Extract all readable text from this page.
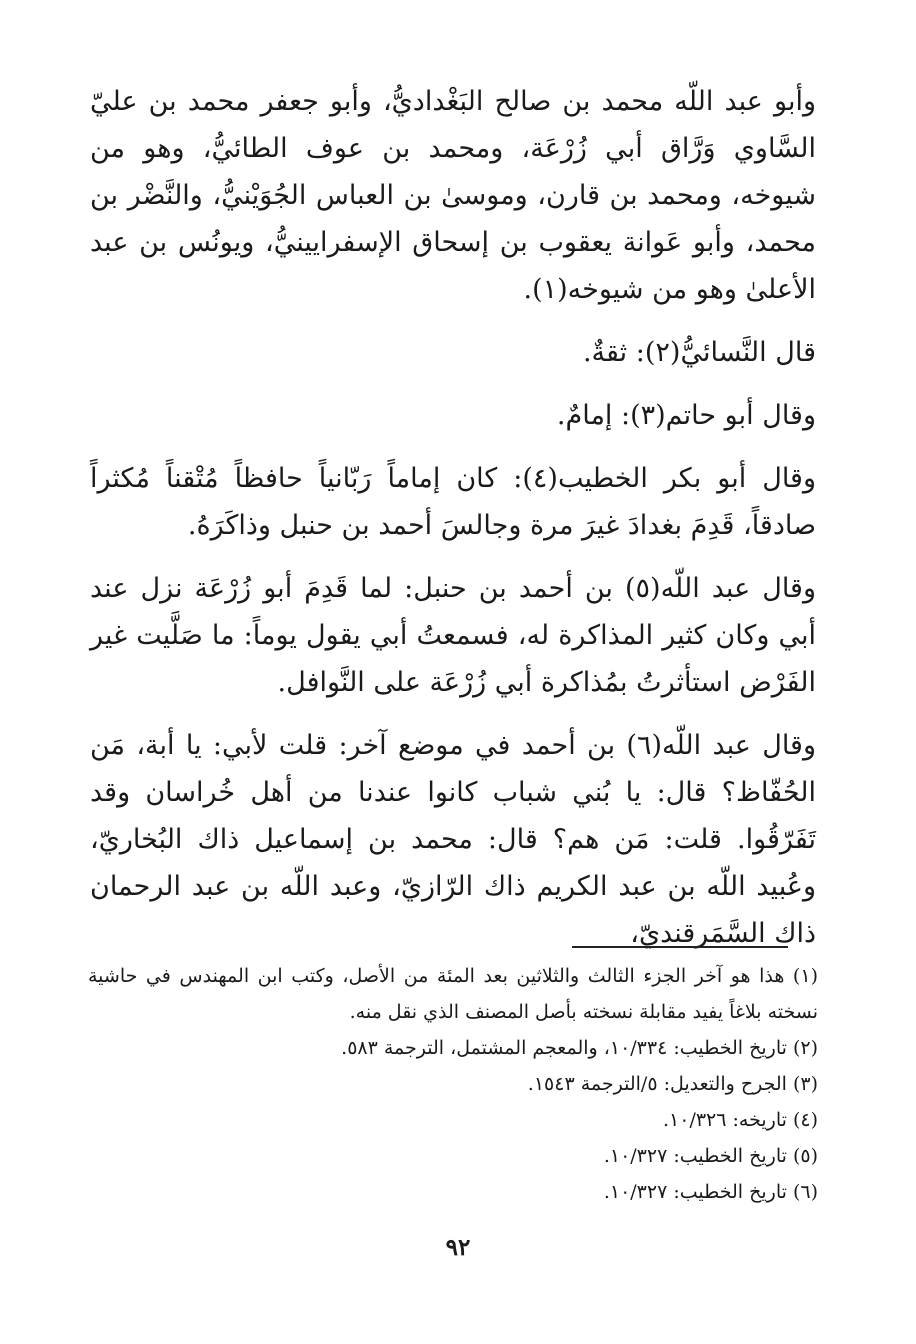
وأبو عبد اللّه محمد بن صالح البَغْداديُّ، وأبو جعفر محمد بن عليّ السَّاوي وَرَّاق أبي زُرْعَة، ومحمد بن عوف الطائيُّ، وهو من شيوخه، ومحمد بن قارن، وموسىٰ بن العباس الجُوَيْنيُّ، والنَّضْر بن محمد، وأبو عَوانة يعقوب بن إسحاق الإسفرايينيُّ، ويونُس بن عبد الأعلىٰ وهو من شيوخه(١).

قال النَّسائيُّ(٢): ثقةٌ.

وقال أبو حاتم(٣): إمامٌ.

وقال أبو بكر الخطيب(٤): كان إماماً رَبّانياً حافظاً مُتْقناً مُكثراً صادقاً، قَدِمَ بغدادَ غيرَ مرة وجالسَ أحمد بن حنبل وذاكَرَهُ.

وقال عبد اللّه(٥) بن أحمد بن حنبل: لما قَدِمَ أبو زُرْعَة نزل عند أبي وكان كثير المذاكرة له، فسمعتُ أبي يقول يوماً: ما صَلَّيت غير الفَرْض استأثرتُ بمُذاكرة أبي زُرْعَة على النَّوافل.

وقال عبد اللّه(٦) بن أحمد في موضع آخر: قلت لأبي: يا أبة، مَن الحُفّاظ؟ قال: يا بُني شباب كانوا عندنا من أهل خُراسان وقد تَفَرّقُوا. قلت: مَن هم؟ قال: محمد بن إسماعيل ذاك البُخاريّ، وعُبيد اللّه بن عبد الكريم ذاك الرّازيّ، وعبد اللّه بن عبد الرحمان ذاك السَّمَرقنديّ،

(١) هذا هو آخر الجزء الثالث والثلاثين بعد المئة من الأصل، وكتب ابن المهندس في حاشية نسخته بلاغاً يفيد مقابلة نسخته بأصل المصنف الذي نقل منه.

(٢) تاريخ الخطيب: ١٠/٣٣٤، والمعجم المشتمل، الترجمة ٥٨٣.

(٣) الجرح والتعديل: ٥/الترجمة ١٥٤٣.

(٤) تاريخه: ١٠/٣٢٦.

(٥) تاريخ الخطيب: ١٠/٣٢٧.

(٦) تاريخ الخطيب: ١٠/٣٢٧.

٩٢
